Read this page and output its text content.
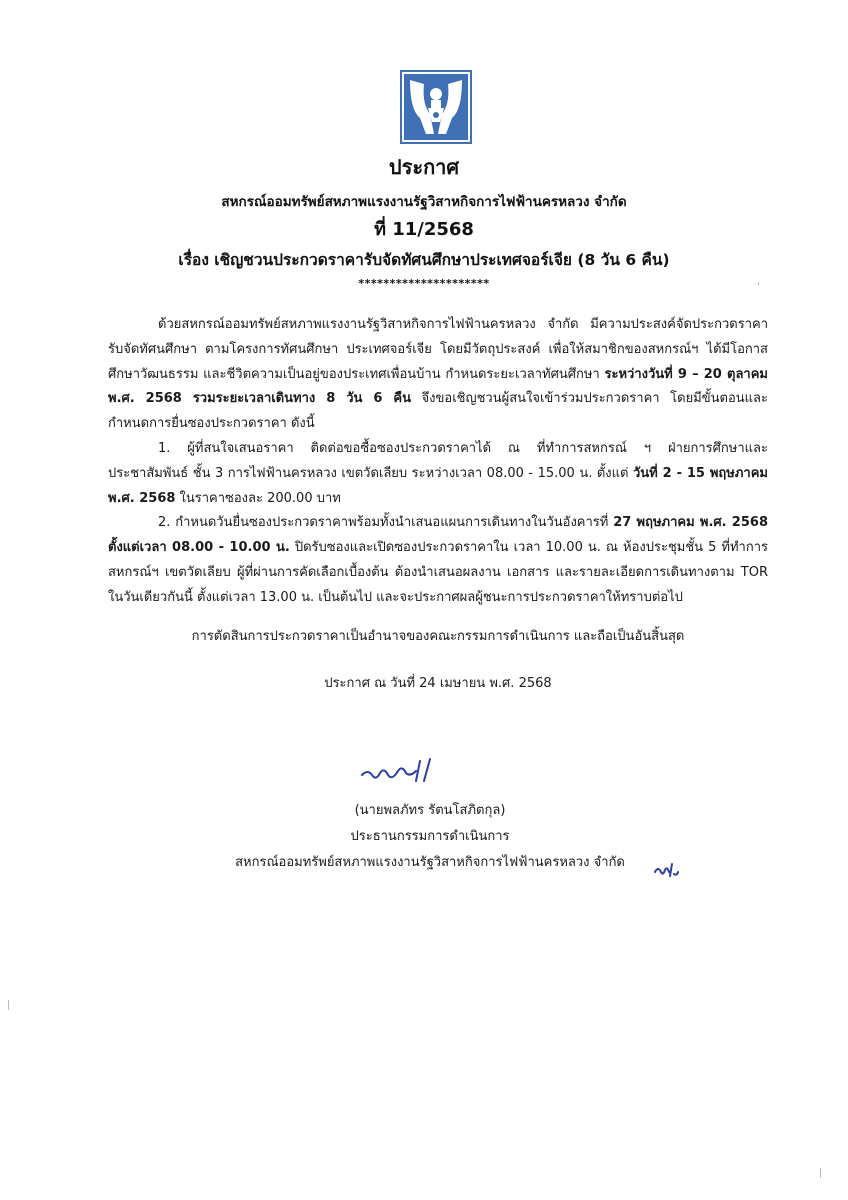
ประกาศ
สหกรณ์ออมทรัพย์สหภาพแรงงานรัฐวิสาหกิจการไฟฟ้านครหลวง จำกัด
ที่ 11/2568
เรื่อง เชิญชวนประกวดราคารับจัดทัศนศึกษาประเทศจอร์เจีย (8 วัน 6 คืน)
*********************

ด้วยสหกรณ์ออมทรัพย์สหภาพแรงงานรัฐวิสาหกิจการไฟฟ้านครหลวง จำกัด มีความประสงค์จัดประกวดราคารับจัดทัศนศึกษา ตามโครงการทัศนศึกษา ประเทศจอร์เจีย โดยมีวัตถุประสงค์ เพื่อให้สมาชิกของสหกรณ์ฯ ได้มีโอกาสศึกษาวัฒนธรรม และชีวิตความเป็นอยู่ของประเทศเพื่อนบ้าน กำหนดระยะเวลาทัศนศึกษา ระหว่างวันที่ 9 – 20 ตุลาคม พ.ศ. 2568 รวมระยะเวลาเดินทาง 8 วัน 6 คืน จึงขอเชิญชวนผู้สนใจเข้าร่วมประกวดราคา โดยมีขั้นตอนและกำหนดการยื่นซองประกวดราคา ดังนี้

1. ผู้ที่สนใจเสนอราคา ติดต่อขอซื้อซองประกวดราคาได้ ณ ที่ทำการสหกรณ์ ฯ ฝ่ายการศึกษาและประชาสัมพันธ์ ชั้น 3 การไฟฟ้านครหลวง เขตวัดเลียบ ระหว่างเวลา 08.00 - 15.00 น. ตั้งแต่ วันที่ 2 - 15 พฤษภาคม พ.ศ. 2568 ในราคาซองละ 200.00 บาท

2. กำหนดวันยื่นซองประกวดราคาพร้อมทั้งนำเสนอแผนการเดินทางในวันอังคารที่ 27 พฤษภาคม พ.ศ. 2568 ตั้งแต่เวลา 08.00 - 10.00 น. ปิดรับซองและเปิดซองประกวดราคาใน เวลา 10.00 น. ณ ห้องประชุมชั้น 5 ที่ทำการสหกรณ์ฯ เขตวัดเลียบ ผู้ที่ผ่านการคัดเลือกเบื้องต้น ต้องนำเสนอผลงาน เอกสาร และรายละเอียดการเดินทางตาม TOR ในวันเดียวกันนี้ ตั้งแต่เวลา 13.00 น. เป็นต้นไป และจะประกาศผลผู้ชนะการประกวดราคาให้ทราบต่อไป

การตัดสินการประกวดราคาเป็นอำนาจของคณะกรรมการดำเนินการ และถือเป็นอันสิ้นสุด

ประกาศ ณ วันที่ 24 เมษายน พ.ศ. 2568

(นายพลภัทร รัตนโสภิตกุล)
ประธานกรรมการดำเนินการ
สหกรณ์ออมทรัพย์สหภาพแรงงานรัฐวิสาหกิจการไฟฟ้านครหลวง จำกัด
